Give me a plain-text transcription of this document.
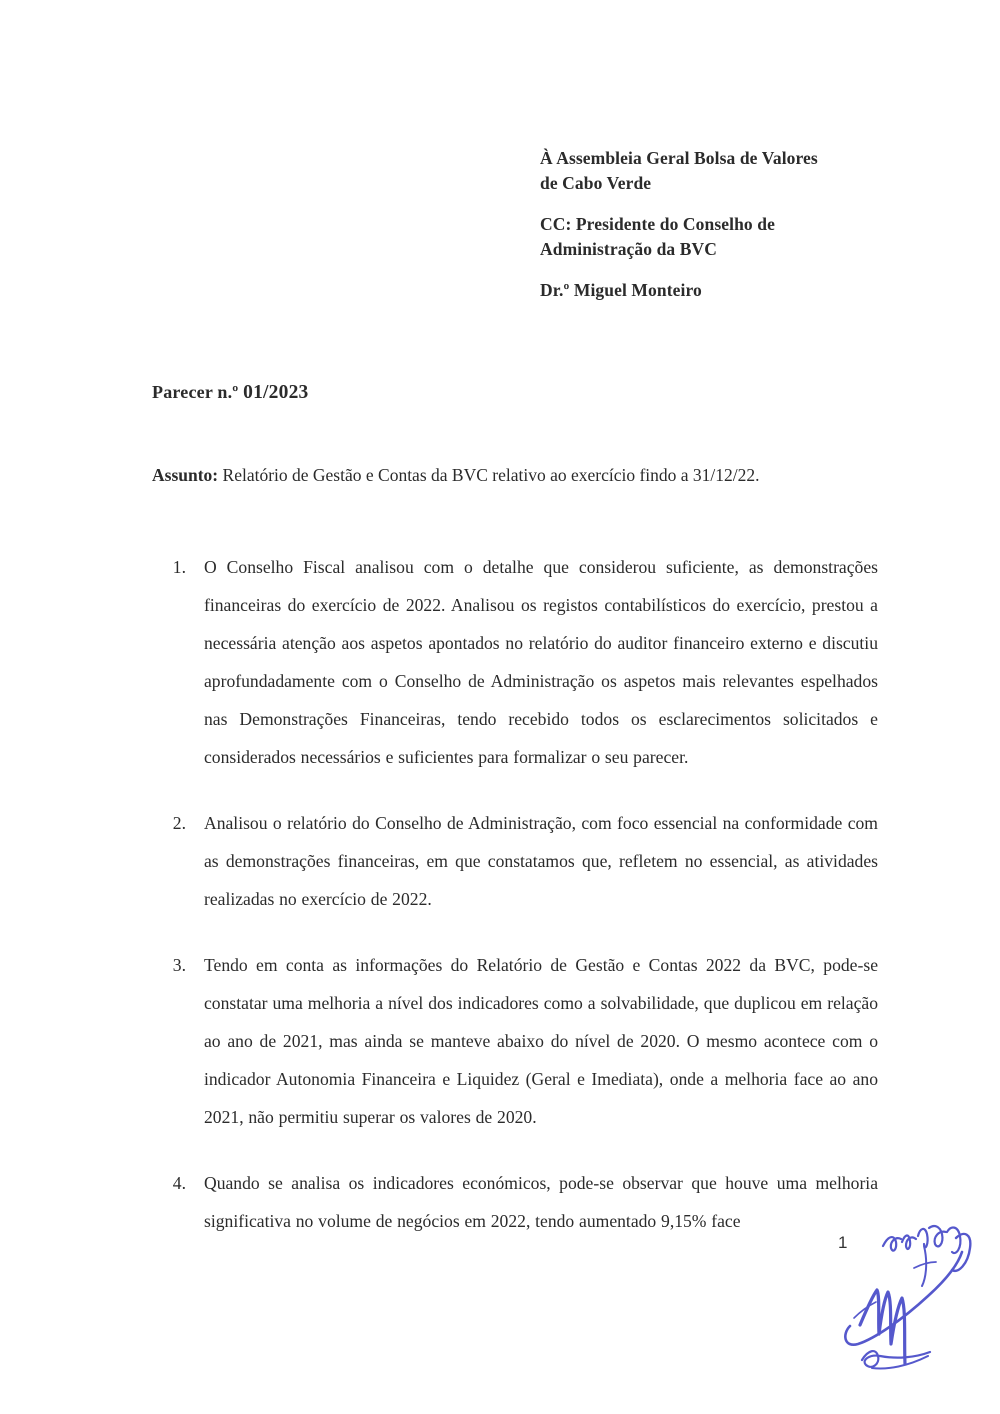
À Assembleia Geral Bolsa de Valores
de Cabo Verde
CC: Presidente do Conselho de
Administração da BVC
Dr.º Miguel Monteiro
Parecer n.º 01/2023
Assunto: Relatório de Gestão e Contas da BVC relativo ao exercício findo a 31/12/22.
1. O Conselho Fiscal analisou com o detalhe que considerou suficiente, as demonstrações financeiras do exercício de 2022. Analisou os registos contabilísticos do exercício, prestou a necessária atenção aos aspetos apontados no relatório do auditor financeiro externo e discutiu aprofundadamente com o Conselho de Administração os aspetos mais relevantes espelhados nas Demonstrações Financeiras, tendo recebido todos os esclarecimentos solicitados e considerados necessários e suficientes para formalizar o seu parecer.
2. Analisou o relatório do Conselho de Administração, com foco essencial na conformidade com as demonstrações financeiras, em que constatamos que, refletem no essencial, as atividades realizadas no exercício de 2022.
3. Tendo em conta as informações do Relatório de Gestão e Contas 2022 da BVC, pode-se constatar uma melhoria a nível dos indicadores como a solvabilidade, que duplicou em relação ao ano de 2021, mas ainda se manteve abaixo do nível de 2020. O mesmo acontece com o indicador Autonomia Financeira e Liquidez (Geral e Imediata), onde a melhoria face ao ano 2021, não permitiu superar os valores de 2020.
4. Quando se analisa os indicadores económicos, pode-se observar que houve uma melhoria significativa no volume de negócios em 2022, tendo aumentado 9,15% face
1
